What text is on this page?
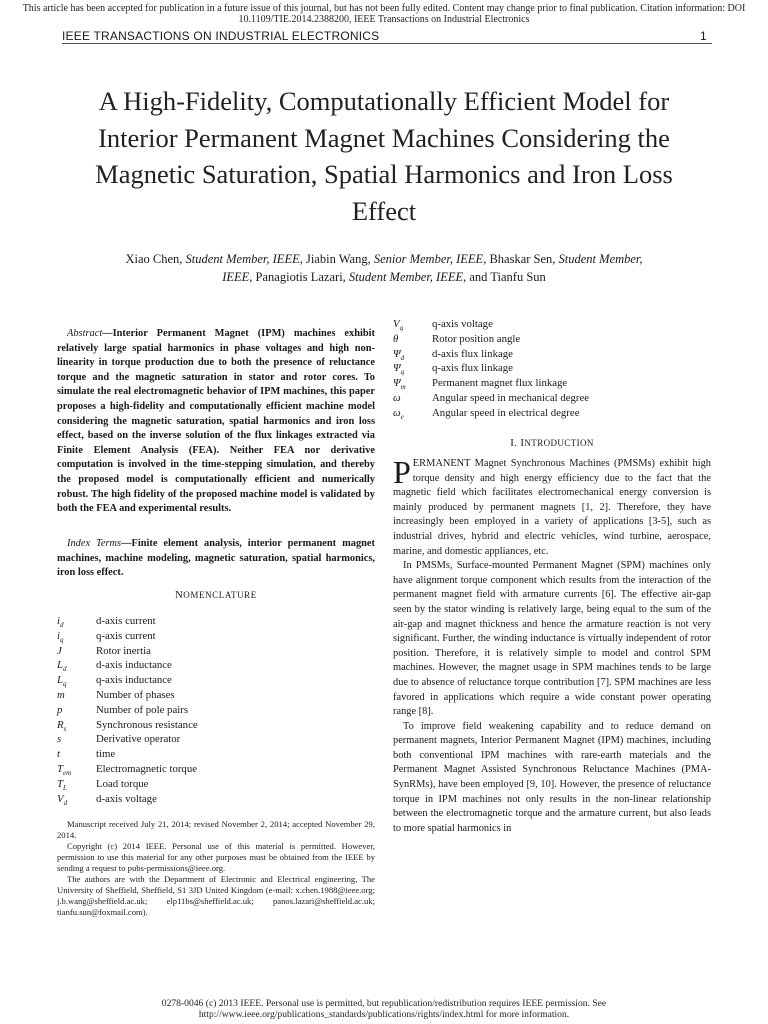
This article has been accepted for publication in a future issue of this journal, but has not been fully edited. Content may change prior to final publication. Citation information: DOI
10.1109/TIE.2014.2388200, IEEE Transactions on Industrial Electronics
IEEE TRANSACTIONS ON INDUSTRIAL ELECTRONICS	1
A High-Fidelity, Computationally Efficient Model for Interior Permanent Magnet Machines Considering the Magnetic Saturation, Spatial Harmonics and Iron Loss Effect
Xiao Chen, Student Member, IEEE, Jiabin Wang, Senior Member, IEEE, Bhaskar Sen, Student Member,
IEEE, Panagiotis Lazari, Student Member, IEEE, and Tianfu Sun
Abstract—Interior Permanent Magnet (IPM) machines exhibit relatively large spatial harmonics in phase voltages and high non-linearity in torque production due to both the presence of reluctance torque and the magnetic saturation in stator and rotor cores. To simulate the real electromagnetic behavior of IPM machines, this paper proposes a high-fidelity and computationally efficient machine model considering the magnetic saturation, spatial harmonics and iron loss effect, based on the inverse solution of the flux linkages extracted via Finite Element Analysis (FEA). Neither FEA nor derivative computation is involved in the time-stepping simulation, and thereby the proposed model is computationally efficient and numerically robust. The high fidelity of the proposed machine model is validated by both the FEA and experimental results.
Index Terms—Finite element analysis, interior permanent magnet machines, machine modeling, magnetic saturation, spatial harmonics, iron loss effect.
NOMENCLATURE
$i_d$	d-axis current
$i_q$	q-axis current
J	Rotor inertia
$L_d$	d-axis inductance
$L_q$	q-axis inductance
m	Number of phases
p	Number of pole pairs
$R_s$	Synchronous resistance
s	Derivative operator
t	time
$T_{em}$	Electromagnetic torque
$T_L$	Load torque
$V_d$	d-axis voltage
$V_q$	q-axis voltage
θ	Rotor position angle
$\Psi_d$	d-axis flux linkage
$\Psi_q$	q-axis flux linkage
$\Psi_m$	Permanent magnet flux linkage
ω	Angular speed in mechanical degree
$\omega_e$	Angular speed in electrical degree

Manuscript received July 21, 2014; revised November 2, 2014; accepted November 29, 2014.

Copyright (c) 2014 IEEE. Personal use of this material is permitted. However, permission to use this material for any other purposes must be obtained from the IEEE by sending a request to pubs-permissions@ieee.org.

The authors are with the Department of Electronic and Electrical engineering, The University of Sheffield, Sheffield, S1 3JD United Kingdom (e-mail: x.chen.1988@ieee.org; j.b.wang@sheffield.ac.uk; elp11bs@sheffield.ac.uk; panos.lazari@sheffield.ac.uk; tianfu.sun@foxmail.com).

I. INTRODUCTION

PERMANENT Magnet Synchronous Machines (PMSMs) exhibit high torque density and high energy efficiency due to the fact that the magnetic field which facilitates electromechanical energy conversion is mainly produced by permanent magnets [1, 2]. Therefore, they have increasingly been employed in a variety of applications [3-5], such as industrial drives, hybrid and electric vehicles, wind turbine, aerospace, marine, and domestic appliances, etc.

In PMSMs, Surface-mounted Permanent Magnet (SPM) machines only have alignment torque component which results from the interaction of the permanent magnet field with armature currents [6]. The effective air-gap seen by the stator winding is relatively large, being equal to the sum of the air-gap and magnet thickness and hence the armature reaction is not very significant. Further, the winding inductance is virtually independent of rotor position. Therefore, it is relatively simple to model and control SPM machines. However, the magnet usage in SPM machines tends to be large due to absence of reluctance torque contribution [7]. SPM machines are less favored in applications which require a wide constant power operating range [8].

To improve field weakening capability and to reduce demand on permanent magnets, Interior Permanent Magnet (IPM) machines, including both conventional IPM machines with rare-earth materials and the Permanent Magnet Assisted Synchronous Reluctance Machines (PMA-SynRMs), have been employed [9, 10]. However, the presence of reluctance torque in IPM machines not only results in the non-linear relationship between the electromagnetic torque and the armature current, but also leads to more spatial harmonics in

0278-0046 (c) 2013 IEEE. Personal use is permitted, but republication/redistribution requires IEEE permission. See
http://www.ieee.org/publications_standards/publications/rights/index.html for more information.
